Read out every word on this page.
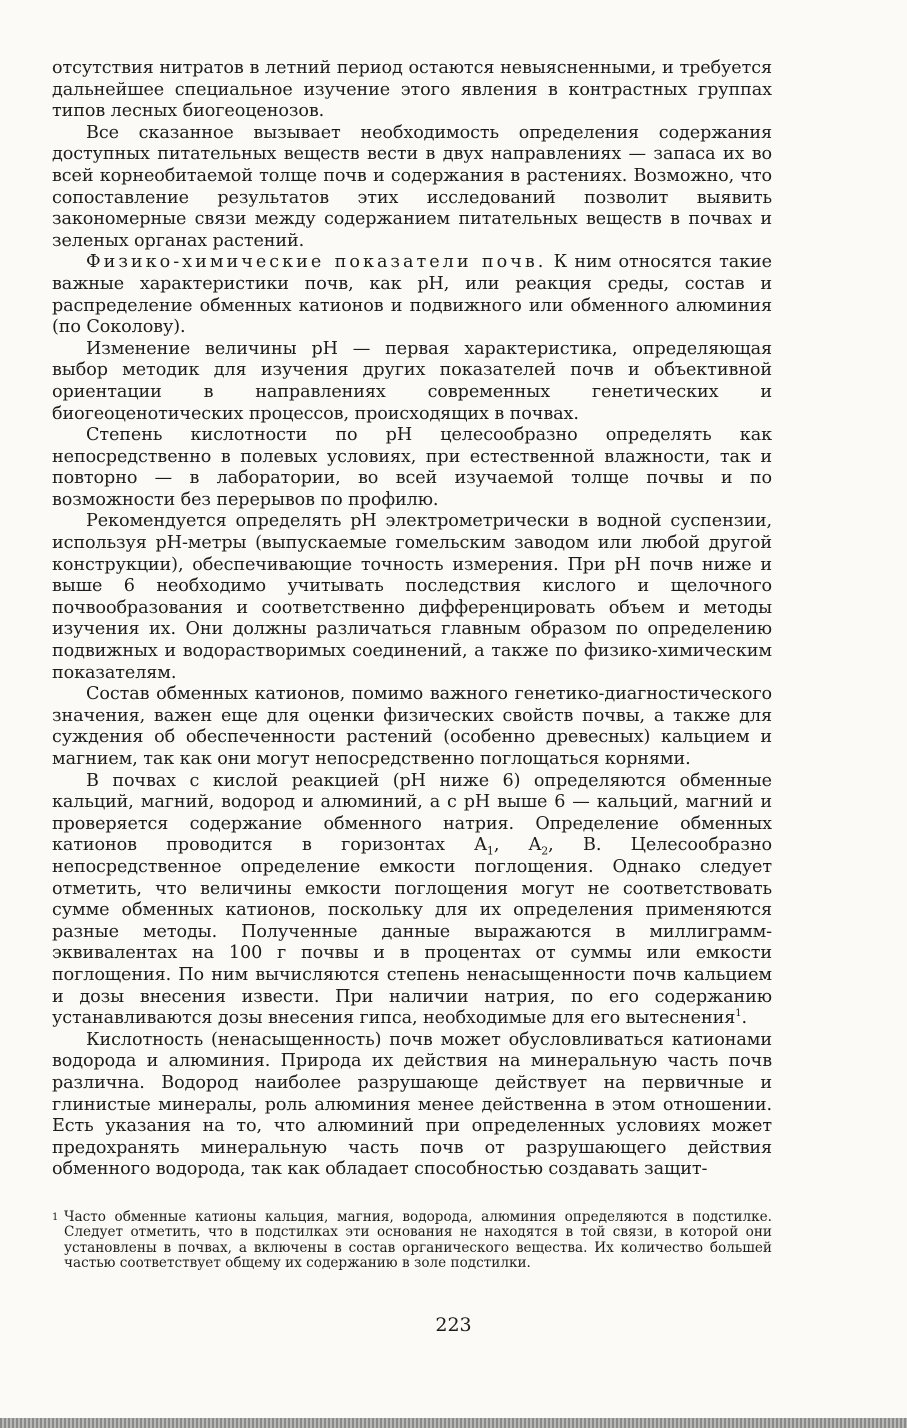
отсутствия нитратов в летний период остаются невыясненными, и требуется дальнейшее специальное изучение этого явления в контрастных группах типов лесных биогеоценозов.

Все сказанное вызывает необходимость определения содержания доступных питательных веществ вести в двух направлениях — запаса их во всей корнеобитаемой толще почв и содержания в растениях. Возможно, что сопоставление результатов этих исследований позволит выявить закономерные связи между содержанием питательных веществ в почвах и зеленых органах растений.

Физико-химические показатели почв. К ним относятся такие важные характеристики почв, как pH, или реакция среды, состав и распределение обменных катионов и подвижного или обменного алюминия (по Соколову).

Изменение величины pH — первая характеристика, определяющая выбор методик для изучения других показателей почв и объективной ориентации в направлениях современных генетических и биогеоценотических процессов, происходящих в почвах.

Степень кислотности по pH целесообразно определять как непосредственно в полевых условиях, при естественной влажности, так и повторно — в лаборатории, во всей изучаемой толще почвы и по возможности без перерывов по профилю.

Рекомендуется определять pH электрометрически в водной суспензии, используя pH-метры (выпускаемые гомельским заводом или любой другой конструкции), обеспечивающие точность измерения. При pH почв ниже и выше 6 необходимо учитывать последствия кислого и щелочного почвообразования и соответственно дифференцировать объем и методы изучения их. Они должны различаться главным образом по определению подвижных и водорастворимых соединений, а также по физико-химическим показателям.

Состав обменных катионов, помимо важного генетико-диагностического значения, важен еще для оценки физических свойств почвы, а также для суждения об обеспеченности растений (особенно древесных) кальцием и магнием, так как они могут непосредственно поглощаться корнями.

В почвах с кислой реакцией (pH ниже 6) определяются обменные кальций, магний, водород и алюминий, а с pH выше 6 — кальций, магний и проверяется содержание обменного натрия. Определение обменных катионов проводится в горизонтах $A_1$, $A_2$, B. Целесообразно непосредственное определение емкости поглощения. Однако следует отметить, что величины емкости поглощения могут не соответствовать сумме обменных катионов, поскольку для их определения применяются разные методы. Полученные данные выражаются в миллиграмм-эквивалентах на 100 г почвы и в процентах от суммы или емкости поглощения. По ним вычисляются степень ненасыщенности почв кальцием и дозы внесения извести. При наличии натрия, по его содержанию устанавливаются дозы внесения гипса, необходимые для его вытеснения$^1$.

Кислотность (ненасыщенность) почв может обусловливаться катионами водорода и алюминия. Природа их действия на минеральную часть почв различна. Водород наиболее разрушающе действует на первичные и глинистые минералы, роль алюминия менее действенна в этом отношении. Есть указания на то, что алюминий при определенных условиях может предохранять минеральную часть почв от разрушающего действия обменного водорода, так как обладает способностью создавать защит-

1 Часто обменные катионы кальция, магния, водорода, алюминия определяются в подстилке. Следует отметить, что в подстилках эти основания не находятся в той связи, в которой они установлены в почвах, а включены в состав органического вещества. Их количество большей частью соответствует общему их содержанию в золе подстилки.
223
